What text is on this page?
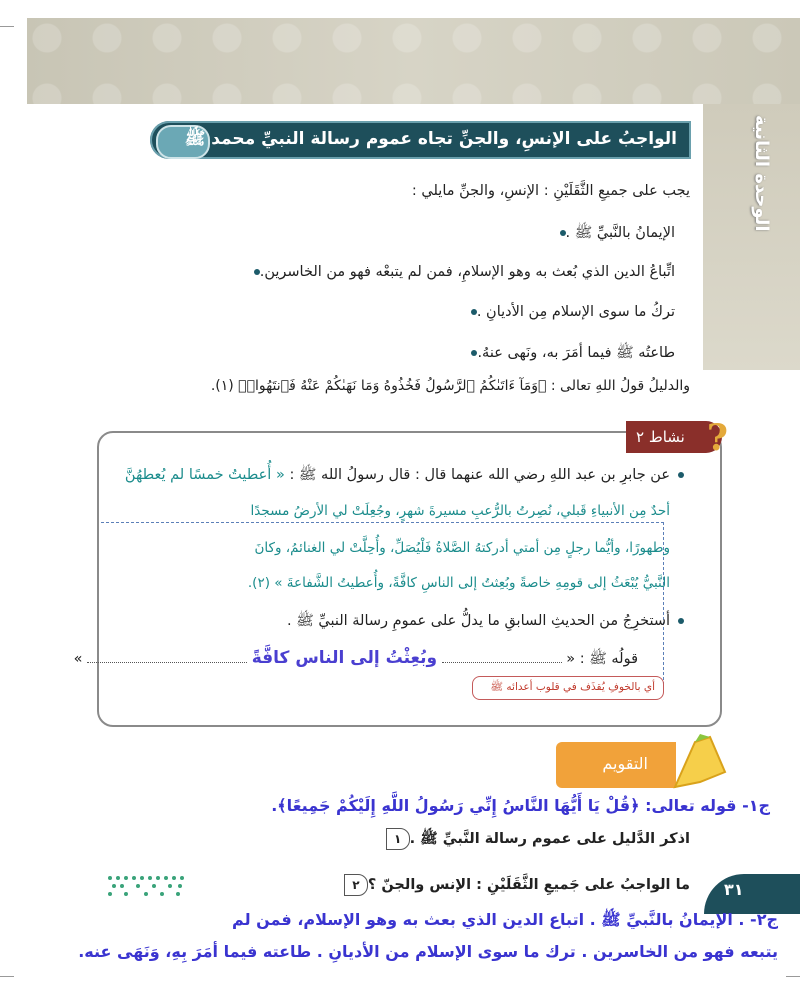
الوحدة الثانية
الواجبُ على الإنسِ، والجنِّ تجاه عموم رسالة النبيِّ محمد ﷺ
يجب على جميعِ الثَّقَلَيْنِ : الإنسِ، والجنِّ مايلي :
الإيمانُ بالنَّبيِّ ﷺ .
اتِّباعُ الدين الذي بُعث به وهو الإسلامِ، فمن لم يتبعْه فهو من الخاسرين.
تركُ ما سوى الإسلام مِن الأديانِ .
طاعتُه ﷺ فيما أمَرَ به، ونَهى عنهُ.
والدليلُ قولُ اللهِ تعالى : ﴿وَمَآ ءَاتَىٰكُمُ ٱلرَّسُولُ فَخُذُوهُ وَمَا نَهَىٰكُمْ عَنْهُ فَٱنتَهُوا۟﴾ (١).
نشاط ٢ ?
عن جابرِ بن عبد اللهِ رضي الله عنهما قال : قال رسولُ الله ﷺ : « أُعطيتُ خمسًا لم يُعطهُنَّ
أحدٌ مِن الأنبياءِ قَبلي، نُصِرتُ بالرُّعبِ مسيرةَ شهرٍ، وجُعِلَتْ لي الأرضُ مسجدًا
وطهورًا، وأيُّما رجلٍ مِن أمتي أدركتهُ الصَّلاةُ فَلْيُصَلِّ، وأُحِلَّتْ لي الغنائمُ، وكانَ
النَّبيُّ يُبْعَثُ إلى قومِهِ خاصةً وبُعِثتُ إلى الناسِ كافَّةً، وأُعطيتُ الشَّفاعةَ » (٢).
أستخرِجُ من الحديثِ السابقِ ما يدلُّ على عمومِ رسالة النبيِّ ﷺ .
قولُه ﷺ : «  وبُعِثْتُ إلى الناس كافَّةً  »
أي بالخوفِ يُقذَف في قلوب أعدائه ﷺ
التقويم
ج١- قوله تعالى: ﴿قُلْ يَا أَيُّهَا النَّاسُ إِنِّي رَسُولُ اللَّهِ إِلَيْكُمْ جَمِيعًا﴾.
اذكر الدَّليل على عموم رسالة النَّبيِّ ﷺ .١
ما الواجبُ على جَميعِ الثَّقَلَيْنِ : الإنس والجنّ ؟٢	٣١
ج٢- . الإيمانُ بالنَّبيِّ ﷺ . اتباع الدين الذي بعث به وهو الإسلام، فمن لم
يتبعه فهو من الخاسرين . ترك ما سوى الإسلام من الأديانِ . طاعته فيما أمَرَ بِهِ، وَنَهَى عنه.
